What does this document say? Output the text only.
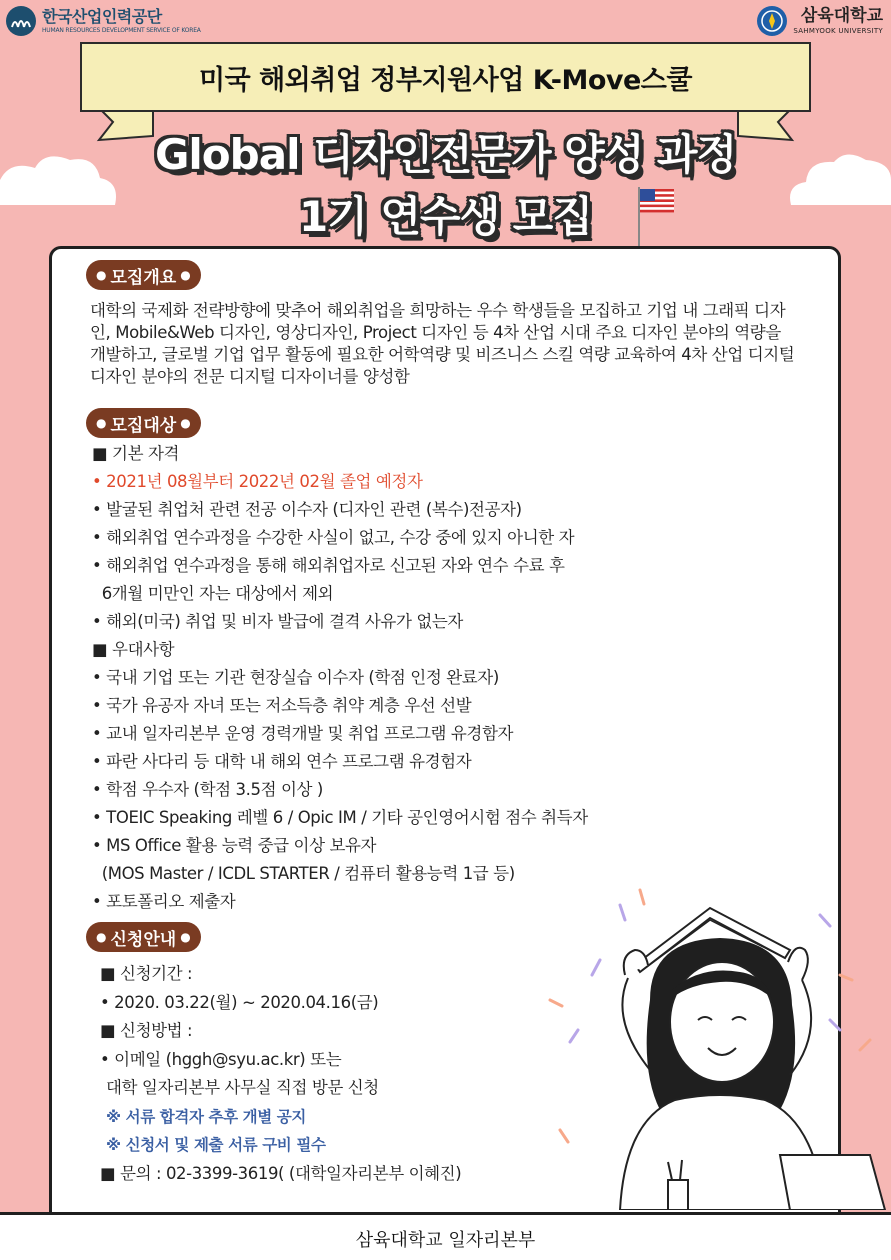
한국산업인력공단
HUMAN RESOURCES DEVELOPMENT SERVICE OF KOREA
삼육대학교
SAHMYOOK UNIVERSITY
미국 해외취업 정부지원사업 K-Move스쿨
Global 디자인전문가 양성 과정
1기 연수생 모집
● 모집개요 ●
대학의 국제화 전략방향에 맞추어 해외취업을 희망하는 우수 학생들을 모집하고 기업 내 그래픽 디자인, Mobile&Web 디자인, 영상디자인, Project 디자인 등 4차 산업 시대 주요 디자인 분야의 역량을 개발하고, 글로벌 기업 업무 활동에 필요한 어학역량 및 비즈니스 스킬 역량 교육하여 4차 산업 디지털 디자인 분야의 전문 디지털 디자이너를 양성함
● 모집대상 ●
■ 기본 자격
• 2021년 08월부터 2022년 02월 졸업 예정자
• 발굴된 취업처 관련 전공 이수자 (디자인 관련 (복수)전공자)
• 해외취업 연수과정을 수강한 사실이 없고, 수강 중에 있지 아니한 자
• 해외취업 연수과정을 통해 해외취업자로 신고된 자와 연수 수료 후
6개월 미만인 자는 대상에서 제외
• 해외(미국) 취업 및 비자 발급에 결격 사유가 없는자
■ 우대사항
• 국내 기업 또는 기관 현장실습 이수자 (학점 인정 완료자)
• 국가 유공자 자녀 또는 저소득층 취약 계층 우선 선발
• 교내 일자리본부 운영 경력개발 및 취업 프로그램 유경함자
• 파란 사다리 등 대학 내 해외 연수 프로그램 유경험자
• 학점 우수자 (학점 3.5점 이상 )
• TOEIC Speaking 레벨 6 / Opic IM / 기타 공인영어시험 점수 취득자
• MS Office 활용 능력 중급 이상 보유자
(MOS Master / ICDL STARTER / 컴퓨터 활용능력 1급 등)
• 포토폴리오 제출자
● 신청안내 ●
■ 신청기간 :
• 2020. 03.22(월) ~ 2020.04.16(금)
■ 신청방법 :
• 이메일 (hggh@syu.ac.kr) 또는
대학 일자리본부 사무실 직접 방문 신청
※ 서류 합격자 추후 개별 공지
※ 신청서 및 제출 서류 구비 필수
■ 문의 : 02-3399-3619( (대학일자리본부 이혜진)
삼육대학교 일자리본부
